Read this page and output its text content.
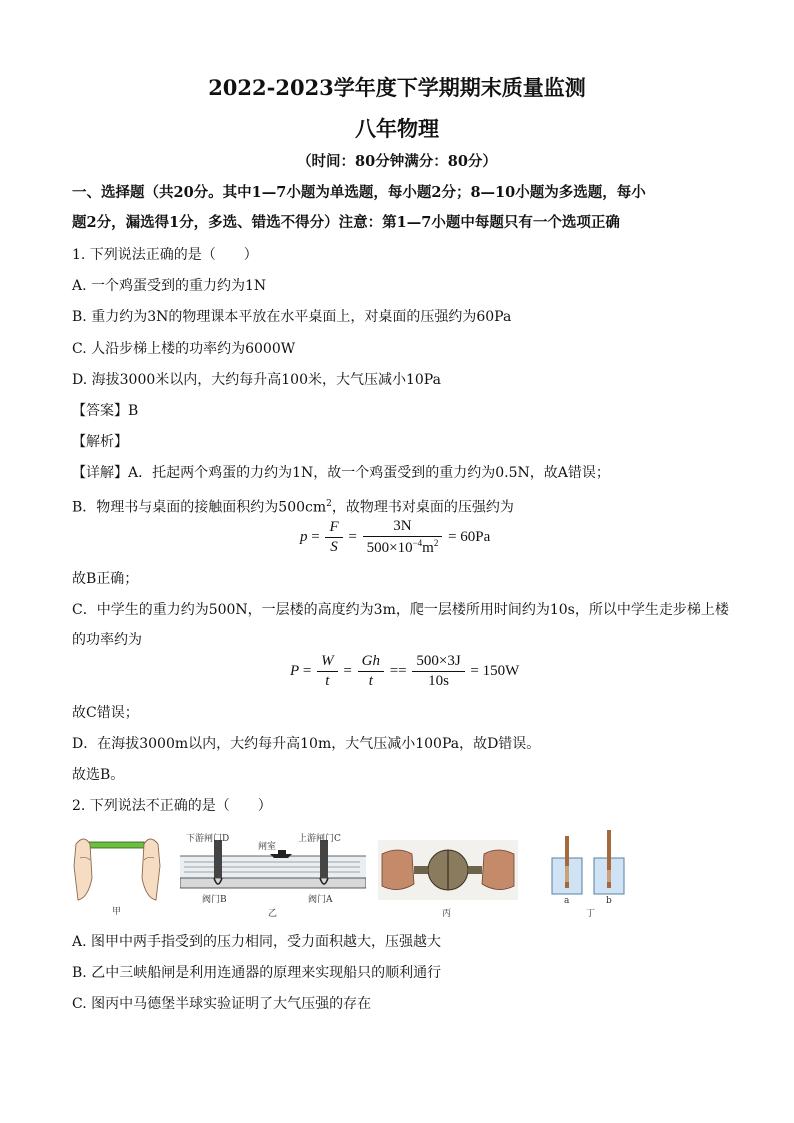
2022-2023学年度下学期期末质量监测
八年物理
（时间：80分钟满分：80分）
一、选择题（共20分。其中1—7小题为单选题，每小题2分；8—10小题为多选题，每小
题2分，漏选得1分，多选、错选不得分）注意：第1—7小题中每题只有一个选项正确
1. 下列说法正确的是（　　）
A. 一个鸡蛋受到的重力约为1N
B. 重力约为3N的物理课本平放在水平桌面上，对桌面的压强约为60Pa
C. 人沿步梯上楼的功率约为6000W
D. 海拔3000米以内，大约每升高100米，大气压减小10Pa
【答案】B
【解析】
【详解】A．托起两个鸡蛋的力约为1N，故一个鸡蛋受到的重力约为0.5N，故A错误；
B．物理书与桌面的接触面积约为$500cm^2$，故物理书对桌面的压强约为
$p = \frac{F}{S} = \frac{3N}{500\times 10^{-4}m^2} = 60Pa$
故B正确；
C．中学生的重力约为500N，一层楼的高度约为3m，爬一层楼所用时间约为10s，所以中学生走步梯上楼
的功率约为
$P = \frac{W}{t} = \frac{Gh}{t} == \frac{500\times 3J}{10s} = 150W$
故C错误；
D．在海拔3000m以内，大约每升高10m，大气压减小100Pa，故D错误。
故选B。
2. 下列说法不正确的是（　　）
甲
下游闸门D
闸室
上游闸门C
阀门B	阀门A
乙	丙
a	b
丁
A. 图甲中两手指受到的压力相同，受力面积越大，压强越大
B. 乙中三峡船闸是利用连通器的原理来实现船只的顺利通行
C. 图丙中马德堡半球实验证明了大气压强的存在
